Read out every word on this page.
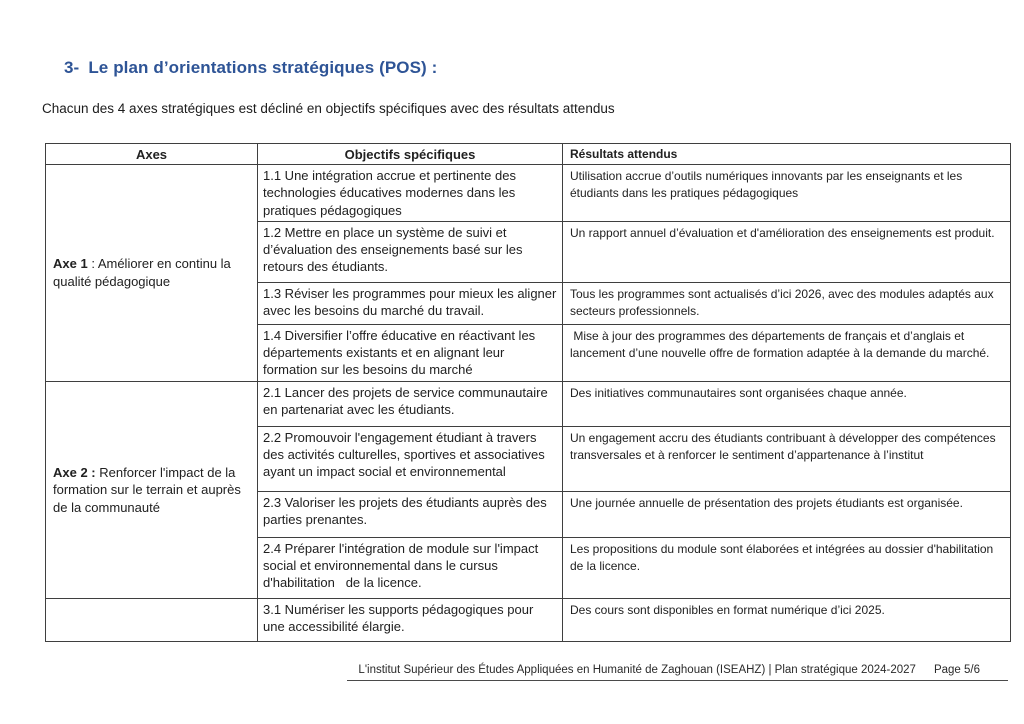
3- Le plan d’orientations stratégiques (POS) :
Chacun des 4 axes stratégiques est décliné en objectifs spécifiques avec des résultats attendus
Axes	Objectifs spécifiques	Résultats attendus
Axe 1 : Améliorer en continu la qualité pédagogique	1.1 Une intégration accrue et pertinente des technologies éducatives modernes dans les pratiques pédagogiques	Utilisation accrue d’outils numériques innovants par les enseignants et les étudiants dans les pratiques pédagogiques
	1.2 Mettre en place un système de suivi et d’évaluation des enseignements basé sur les retours des étudiants.	Un rapport annuel d’évaluation et d'amélioration des enseignements est produit.
	1.3 Réviser les programmes pour mieux les aligner avec les besoins du marché du travail.	Tous les programmes sont actualisés d’ici 2026, avec des modules adaptés aux secteurs professionnels.
	1.4 Diversifier l’offre éducative en réactivant les départements existants et en alignant leur formation sur les besoins du marché	Mise à jour des programmes des départements de français et d’anglais et lancement d’une nouvelle offre de formation adaptée à la demande du marché.
Axe 2 : Renforcer l'impact de la formation sur le terrain et auprès de la communauté	2.1 Lancer des projets de service communautaire en partenariat avec les étudiants.	Des initiatives communautaires sont organisées chaque année.
	2.2 Promouvoir l'engagement étudiant à travers des activités culturelles, sportives et associatives ayant un impact social et environnemental	Un engagement accru des étudiants contribuant à développer des compétences transversales et à renforcer le sentiment d’appartenance à l’institut
	2.3 Valoriser les projets des étudiants auprès des parties prenantes.	Une journée annuelle de présentation des projets étudiants est organisée.
	2.4 Préparer l'intégration de module sur l'impact social et environnemental dans le cursus d'habilitation   de la licence.	Les propositions du module sont élaborées et intégrées au dossier d'habilitation de la licence.
	3.1 Numériser les supports pédagogiques pour une accessibilité élargie.	Des cours sont disponibles en format numérique d’ici 2025.
L'institut Supérieur des Études Appliquées en Humanité de Zaghouan (ISEAHZ) | Plan stratégique 2024-2027 Page 5/6
